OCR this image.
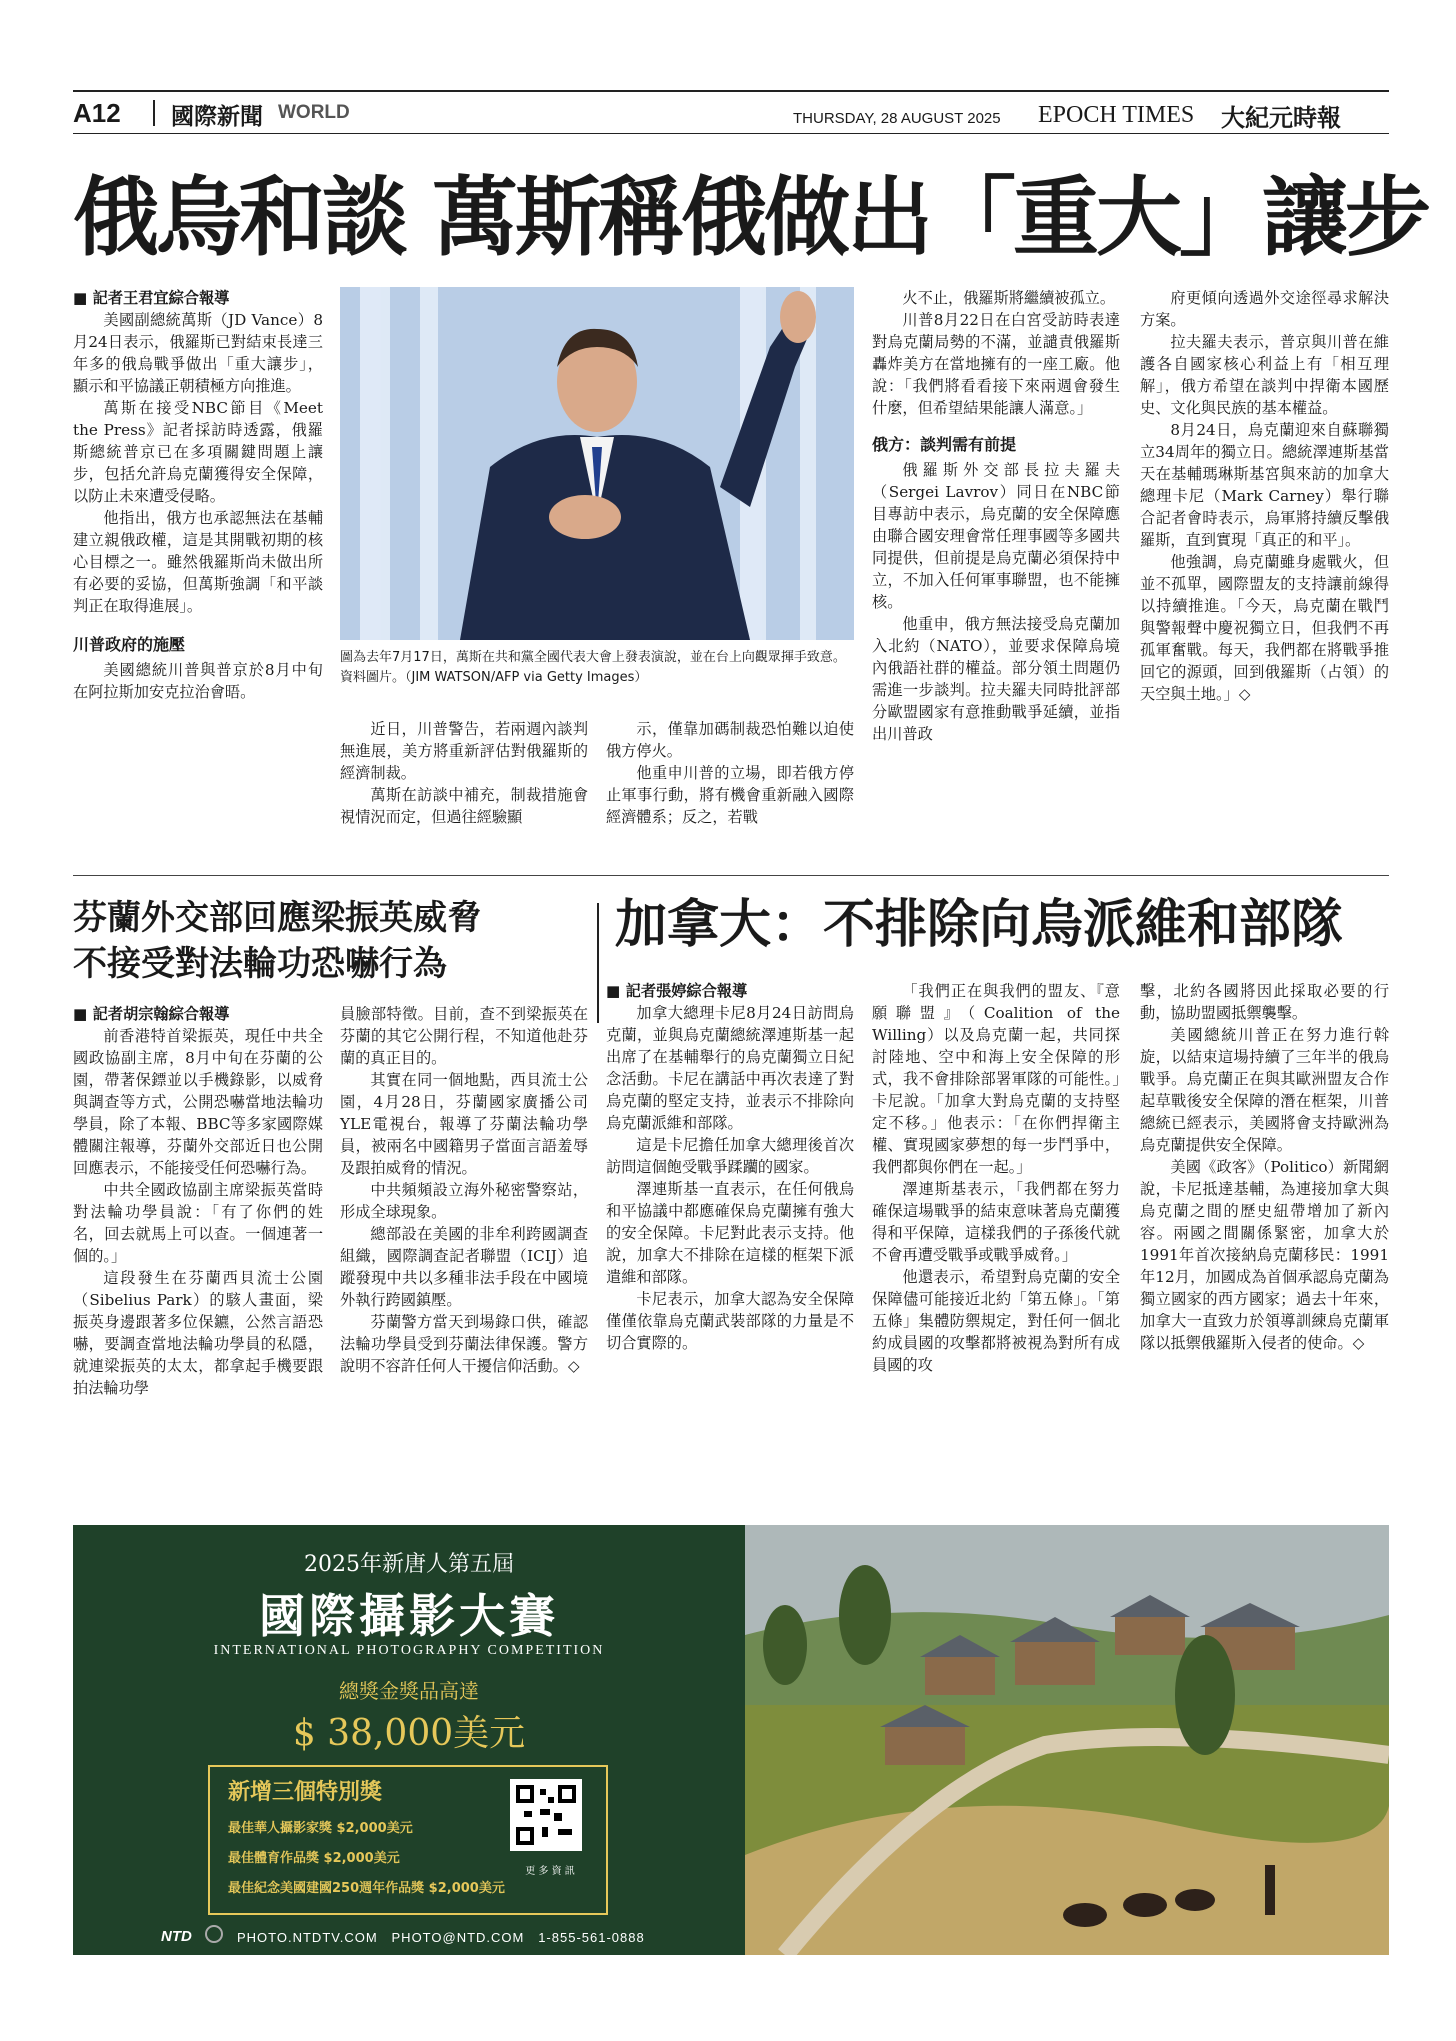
A12 國際新聞 WORLD	THURSDAY, 28 AUGUST 2025 EPOCH TIMES 大紀元時報
俄烏和談 萬斯稱俄做出「重大」讓步

■ 記者王君宜綜合報導

美國副總統萬斯（JD Vance）8月24日表示，俄羅斯已對結束長達三年多的俄烏戰爭做出「重大讓步」，顯示和平協議正朝積極方向推進。

萬斯在接受NBC節目《Meet the Press》記者採訪時透露，俄羅斯總統普京已在多項關鍵問題上讓步，包括允許烏克蘭獲得安全保障，以防止未來遭受侵略。

他指出，俄方也承認無法在基輔建立親俄政權，這是其開戰初期的核心目標之一。雖然俄羅斯尚未做出所有必要的妥協，但萬斯強調「和平談判正在取得進展」。

川普政府的施壓

美國總統川普與普京於8月中旬在阿拉斯加安克拉治會晤。

圖為去年7月17日，萬斯在共和黨全國代表大會上發表演說，並在台上向觀眾揮手致意。資料圖片。（JIM WATSON/AFP via Getty Images）

近日，川普警告，若兩週內談判無進展，美方將重新評估對俄羅斯的經濟制裁。

萬斯在訪談中補充，制裁措施會視情況而定，但過往經驗顯

示，僅靠加碼制裁恐怕難以迫使俄方停火。

他重申川普的立場，即若俄方停止軍事行動，將有機會重新融入國際經濟體系；反之，若戰

火不止，俄羅斯將繼續被孤立。

川普8月22日在白宮受訪時表達對烏克蘭局勢的不滿，並譴責俄羅斯轟炸美方在當地擁有的一座工廠。他說：「我們將看看接下來兩週會發生什麼，但希望結果能讓人滿意。」

俄方：談判需有前提

俄羅斯外交部長拉夫羅夫（Sergei Lavrov）同日在NBC節目專訪中表示，烏克蘭的安全保障應由聯合國安理會常任理事國等多國共同提供，但前提是烏克蘭必須保持中立，不加入任何軍事聯盟，也不能擁核。

他重申，俄方無法接受烏克蘭加入北約（NATO），並要求保障烏境內俄語社群的權益。部分領土問題仍需進一步談判。拉夫羅夫同時批評部分歐盟國家有意推動戰爭延續，並指出川普政

府更傾向透過外交途徑尋求解決方案。

拉夫羅夫表示，普京與川普在維護各自國家核心利益上有「相互理解」，俄方希望在談判中捍衛本國歷史、文化與民族的基本權益。

8月24日，烏克蘭迎來自蘇聯獨立34周年的獨立日。總統澤連斯基當天在基輔瑪琳斯基宮與來訪的加拿大總理卡尼（Mark Carney）舉行聯合記者會時表示，烏軍將持續反擊俄羅斯，直到實現「真正的和平」。

他強調，烏克蘭雖身處戰火，但並不孤單，國際盟友的支持讓前線得以持續推進。「今天，烏克蘭在戰鬥與警報聲中慶祝獨立日，但我們不再孤軍奮戰。每天，我們都在將戰爭推回它的源頭，回到俄羅斯（占領）的天空與土地。」◇

芬蘭外交部回應梁振英威脅
不接受對法輪功恐嚇行為

■ 記者胡宗翰綜合報導

前香港特首梁振英，現任中共全國政協副主席，8月中旬在芬蘭的公園，帶著保鏢並以手機錄影，以威脅與調查等方式，公開恐嚇當地法輪功學員，除了本報、BBC等多家國際媒體關注報導，芬蘭外交部近日也公開回應表示，不能接受任何恐嚇行為。

中共全國政協副主席梁振英當時對法輪功學員說：「有了你們的姓名，回去就馬上可以查。一個連著一個的。」

這段發生在芬蘭西貝流士公園（Sibelius Park）的駭人畫面，梁振英身邊跟著多位保鑣，公然言語恐嚇，要調查當地法輪功學員的私隱，就連梁振英的太太，都拿起手機要跟拍法輪功學

員臉部特徵。目前，查不到梁振英在芬蘭的其它公開行程，不知道他赴芬蘭的真正目的。

其實在同一個地點，西貝流士公園，4月28日，芬蘭國家廣播公司YLE電視台，報導了芬蘭法輪功學員，被兩名中國籍男子當面言語羞辱及跟拍威脅的情況。

中共頻頻設立海外秘密警察站，形成全球現象。

總部設在美國的非牟利跨國調查組織，國際調查記者聯盟（ICIJ）追蹤發現中共以多種非法手段在中國境外執行跨國鎮壓。

芬蘭警方當天到場錄口供，確認法輪功學員受到芬蘭法律保護。警方說明不容許任何人干擾信仰活動。◇

加拿大：不排除向烏派維和部隊

■ 記者張婷綜合報導

加拿大總理卡尼8月24日訪問烏克蘭，並與烏克蘭總統澤連斯基一起出席了在基輔舉行的烏克蘭獨立日紀念活動。卡尼在講話中再次表達了對烏克蘭的堅定支持，並表示不排除向烏克蘭派維和部隊。

這是卡尼擔任加拿大總理後首次訪問這個飽受戰爭蹂躪的國家。

澤連斯基一直表示，在任何俄烏和平協議中都應確保烏克蘭擁有強大的安全保障。卡尼對此表示支持。他說，加拿大不排除在這樣的框架下派遣維和部隊。

卡尼表示，加拿大認為安全保障僅僅依靠烏克蘭武裝部隊的力量是不切合實際的。

「我們正在與我們的盟友、『意願聯盟』（Coalition of the Willing）以及烏克蘭一起，共同探討陸地、空中和海上安全保障的形式，我不會排除部署軍隊的可能性。」卡尼說。「加拿大對烏克蘭的支持堅定不移。」他表示：「在你們捍衛主權、實現國家夢想的每一步鬥爭中，我們都與你們在一起。」

澤連斯基表示，「我們都在努力確保這場戰爭的結束意味著烏克蘭獲得和平保障，這樣我們的子孫後代就不會再遭受戰爭或戰爭威脅。」

他還表示，希望對烏克蘭的安全保障儘可能接近北約「第五條」。「第五條」集體防禦規定，對任何一個北約成員國的攻擊都將被視為對所有成員國的攻

擊，北約各國將因此採取必要的行動，協助盟國抵禦襲擊。

美國總統川普正在努力進行斡旋，以結束這場持續了三年半的俄烏戰爭。烏克蘭正在與其歐洲盟友合作起草戰後安全保障的潛在框架，川普總統已經表示，美國將會支持歐洲為烏克蘭提供安全保障。

美國《政客》（Politico）新聞網說，卡尼抵達基輔，為連接加拿大與烏克蘭之間的歷史紐帶增加了新內容。兩國之間關係緊密，加拿大於1991年首次接納烏克蘭移民：1991年12月，加國成為首個承認烏克蘭為獨立國家的西方國家；過去十年來，加拿大一直致力於領導訓練烏克蘭軍隊以抵禦俄羅斯入侵者的使命。◇

2025年新唐人第五屆
國際攝影大賽
INTERNATIONAL PHOTOGRAPHY COMPETITION
總獎金獎品高達
$ 38,000美元
新增三個特別獎
最佳華人攝影家獎 $2,000美元
最佳體育作品獎 $2,000美元
最佳紀念美國建國250週年作品獎 $2,000美元
更 多 資 訊
NTD	PHOTO.NTDTV.COM   PHOTO@NTD.COM   1-855-561-0888
